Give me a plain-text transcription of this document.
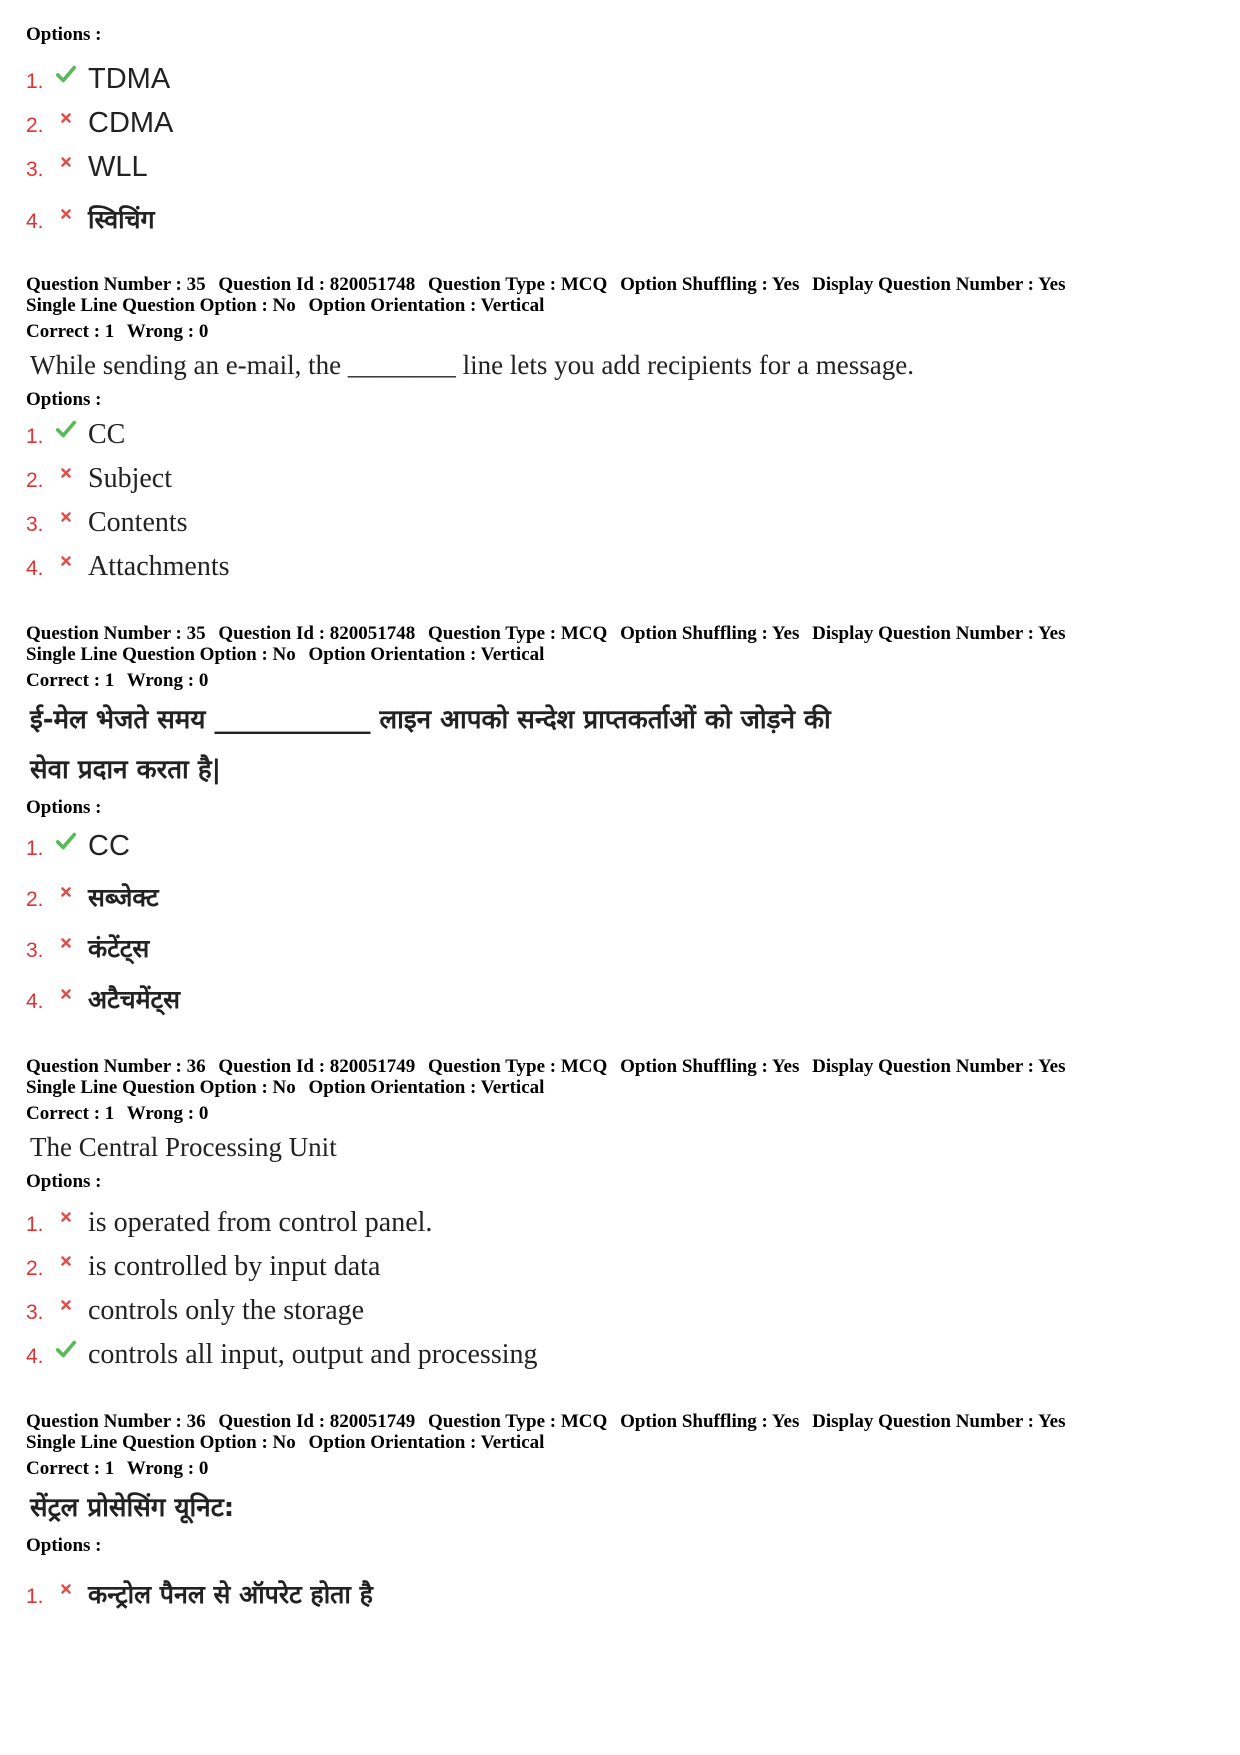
Options :
1. TDMA
2. CDMA
3. WLL
4.	स्विचिंग
Question Number : 35 Question Id : 820051748 Question Type : MCQ Option Shuffling : Yes Display Question Number : Yes
Single Line Question Option : No Option Orientation : Vertical
Correct : 1 Wrong : 0
While sending an e-mail, the ________ line lets you add recipients for a message.
Options :
1.	CC
2.	Subject
3.	Contents
4.	Attachments
Question Number : 35 Question Id : 820051748 Question Type : MCQ Option Shuffling : Yes Display Question Number : Yes
Single Line Question Option : No Option Orientation : Vertical
Correct : 1 Wrong : 0
ई-मेल भेजते समय ____________ लाइन आपको सन्देश प्राप्तकर्ताओं को जोड़ने की
सेवा प्रदान करता है|
Options :
1. CC
2.	सब्जेक्ट
3.	कंटेंट्स
4.	अटैचमेंट्स
Question Number : 36 Question Id : 820051749 Question Type : MCQ Option Shuffling : Yes Display Question Number : Yes
Single Line Question Option : No Option Orientation : Vertical
Correct : 1 Wrong : 0
The Central Processing Unit
Options :
1.	is operated from control panel.
2.	is controlled by input data
3.	controls only the storage
4.	controls all input, output and processing
Question Number : 36 Question Id : 820051749 Question Type : MCQ Option Shuffling : Yes Display Question Number : Yes
Single Line Question Option : No Option Orientation : Vertical
Correct : 1 Wrong : 0
सेंट्रल प्रोसेसिंग यूनिट:
Options :
1.	कन्ट्रोल पैनल से ऑपरेट होता है
